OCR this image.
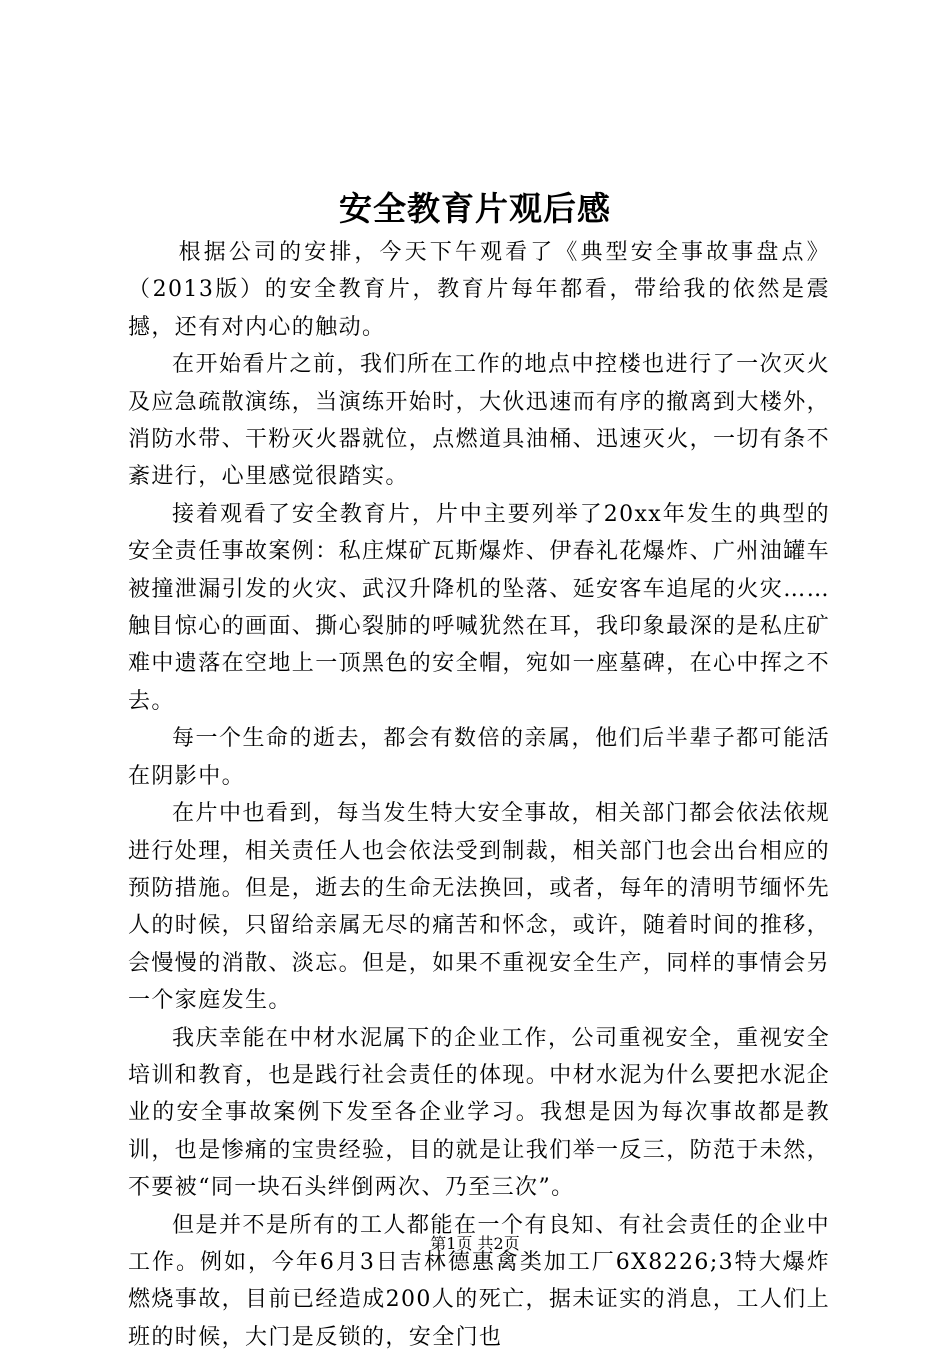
安全教育片观后感

根据公司的安排，今天下午观看了《典型安全事故事盘点》（2013版）的安全教育片，教育片每年都看，带给我的依然是震撼，还有对内心的触动。

在开始看片之前，我们所在工作的地点中控楼也进行了一次灭火及应急疏散演练，当演练开始时，大伙迅速而有序的撤离到大楼外，消防水带、干粉灭火器就位，点燃道具油桶、迅速灭火，一切有条不紊进行，心里感觉很踏实。

接着观看了安全教育片，片中主要列举了20xx年发生的典型的安全责任事故案例：私庄煤矿瓦斯爆炸、伊春礼花爆炸、广州油罐车被撞泄漏引发的火灾、武汉升降机的坠落、延安客车追尾的火灾……触目惊心的画面、撕心裂肺的呼喊犹然在耳，我印象最深的是私庄矿难中遗落在空地上一顶黑色的安全帽，宛如一座墓碑，在心中挥之不去。

每一个生命的逝去，都会有数倍的亲属，他们后半辈子都可能活在阴影中。

在片中也看到，每当发生特大安全事故，相关部门都会依法依规进行处理，相关责任人也会依法受到制裁，相关部门也会出台相应的预防措施。但是，逝去的生命无法换回，或者，每年的清明节缅怀先人的时候，只留给亲属无尽的痛苦和怀念，或许，随着时间的推移，会慢慢的消散、淡忘。但是，如果不重视安全生产，同样的事情会另一个家庭发生。

我庆幸能在中材水泥属下的企业工作，公司重视安全，重视安全培训和教育，也是践行社会责任的体现。中材水泥为什么要把水泥企业的安全事故案例下发至各企业学习。我想是因为每次事故都是教训，也是惨痛的宝贵经验，目的就是让我们举一反三，防范于未然，不要被“同一块石头绊倒两次、乃至三次”。

但是并不是所有的工人都能在一个有良知、有社会责任的企业中工作。例如，今年6月3日吉林德惠禽类加工厂6X8226;3特大爆炸燃烧事故，目前已经造成200人的死亡，据未证实的消息，工人们上班的时候，大门是反锁的，安全门也

第1页 共2页
